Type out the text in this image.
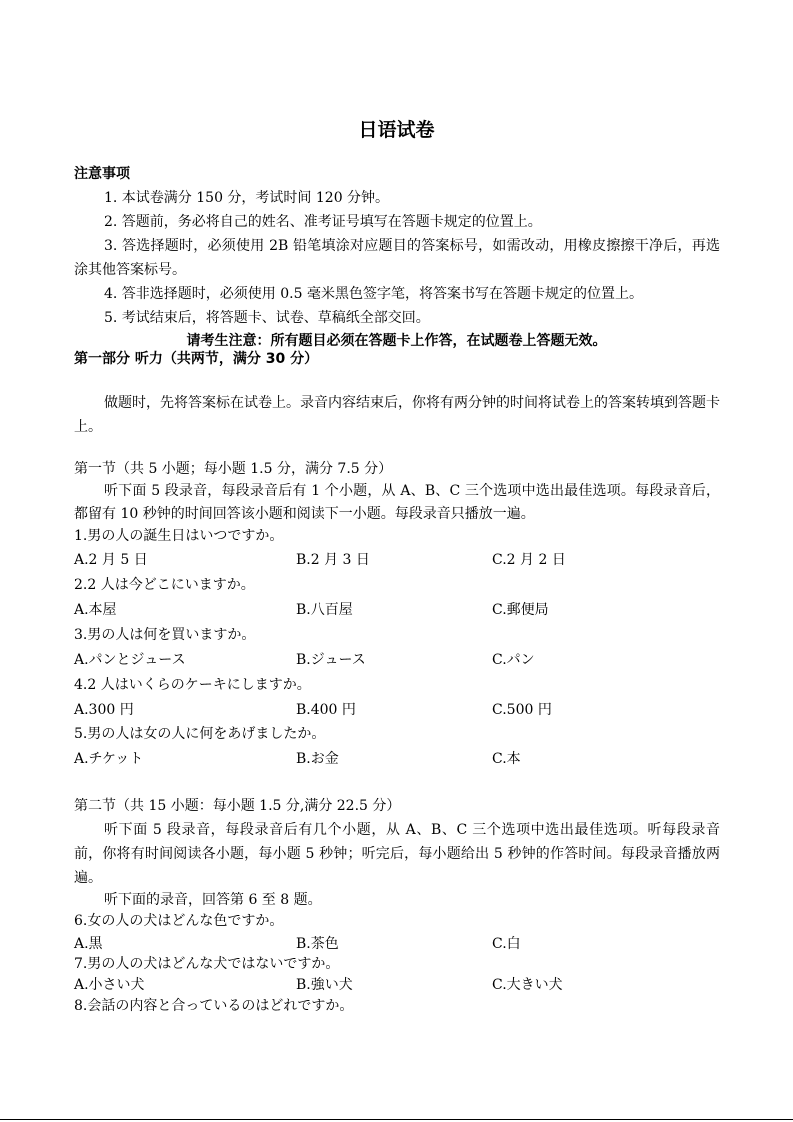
日语试卷
注意事项
1. 本试卷满分 150 分，考试时间 120 分钟。
2. 答题前，务必将自己的姓名、准考证号填写在答题卡规定的位置上。
3. 答选择题时，必须使用 2B 铅笔填涂对应题目的答案标号，如需改动，用橡皮擦擦干净后，再选涂其他答案标号。
4. 答非选择题时，必须使用 0.5 毫米黑色签字笔，将答案书写在答题卡规定的位置上。
5. 考试结束后，将答题卡、试卷、草稿纸全部交回。
请考生注意：所有题目必须在答题卡上作答，在试题卷上答题无效。
第一部分 听力（共两节，满分 30 分）
做题时，先将答案标在试卷上。录音内容结束后，你将有两分钟的时间将试卷上的答案转填到答题卡上。
第一节（共 5 小题；每小题 1.5 分，满分 7.5 分）
听下面 5 段录音，每段录音后有 1 个小题，从 A、B、C 三个选项中选出最佳选项。每段录音后，都留有 10 秒钟的时间回答该小题和阅读下一小题。每段录音只播放一遍。
1.男の人の誕生日はいつですか。
A.2 月 5 日	B.2 月 3 日	C.2 月 2 日
2.2 人は今どこにいますか。
A.本屋	B.八百屋	C.郵便局
3.男の人は何を買いますか。
A.パンとジュース	B.ジュース	C.パン
4.2 人はいくらのケーキにしますか。
A.300 円	B.400 円	C.500 円
5.男の人は女の人に何をあげましたか。
A.チケット	B.お金	C.本
第二节（共 15 小题：每小题 1.5 分,满分 22.5 分）
听下面 5 段录音，每段录音后有几个小题，从 A、B、C 三个选项中选出最佳选项。听每段录音前，你将有时间阅读各小题，每小题 5 秒钟；听完后，每小题给出 5 秒钟的作答时间。每段录音播放两遍。
听下面的录音，回答第 6 至 8 题。
6.女の人の犬はどんな色ですか。
A.黒	B.茶色	C.白
7.男の人の犬はどんな犬ではないですか。
A.小さい犬	B.強い犬	C.大きい犬
8.会話の内容と合っているのはどれですか。
